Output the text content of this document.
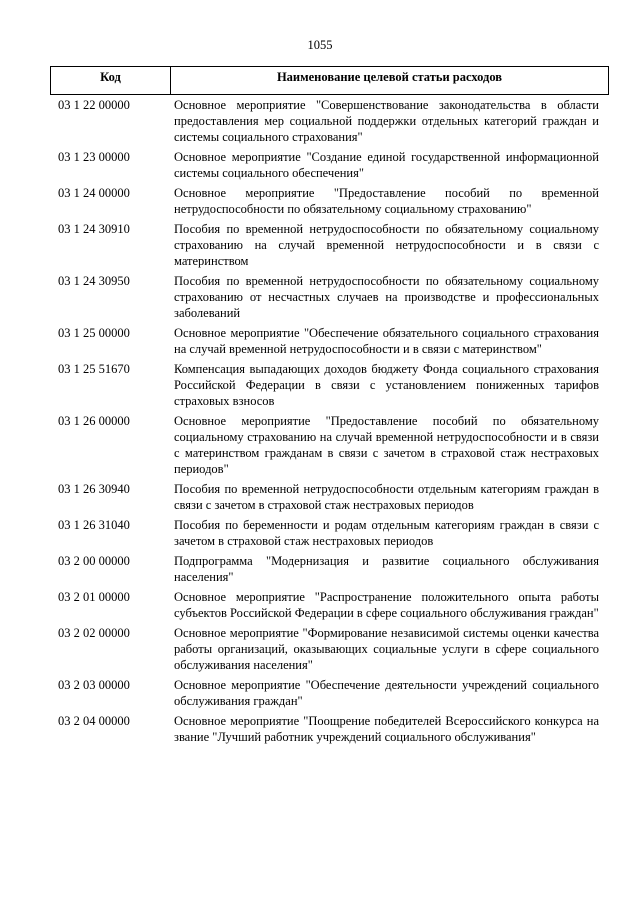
1055
Код	Наименование целевой статьи расходов
03 1 22 00000	Основное мероприятие "Совершенствование законодательства в области предоставления мер социальной поддержки отдельных категорий граждан и системы социального страхования"
03 1 23 00000	Основное мероприятие "Создание единой государственной информационной системы социального обеспечения"
03 1 24 00000	Основное мероприятие "Предоставление пособий по временной нетрудоспособности по обязательному социальному страхованию"
03 1 24 30910	Пособия по временной нетрудоспособности по обязательному социальному страхованию на случай временной нетрудоспособности и в связи с материнством
03 1 24 30950	Пособия по временной нетрудоспособности по обязательному социальному страхованию от несчастных случаев на производстве и профессиональных заболеваний
03 1 25 00000	Основное мероприятие "Обеспечение обязательного социального страхования на случай временной нетрудоспособности и в связи с материнством"
03 1 25 51670	Компенсация выпадающих доходов бюджету Фонда социального страхования Российской Федерации в связи с установлением пониженных тарифов страховых взносов
03 1 26 00000	Основное мероприятие "Предоставление пособий по обязательному социальному страхованию на случай временной нетрудоспособности и в связи с материнством гражданам в связи с зачетом в страховой стаж нестраховых периодов"
03 1 26 30940	Пособия по временной нетрудоспособности отдельным категориям граждан в связи с зачетом в страховой стаж нестраховых периодов
03 1 26 31040	Пособия по беременности и родам отдельным категориям граждан в связи с зачетом в страховой стаж нестраховых периодов
03 2 00 00000	Подпрограмма "Модернизация и развитие социального обслуживания населения"
03 2 01 00000	Основное мероприятие "Распространение положительного опыта работы субъектов Российской Федерации в сфере социального обслуживания граждан"
03 2 02 00000	Основное мероприятие "Формирование независимой системы оценки качества работы организаций, оказывающих социальные услуги в сфере социального обслуживания населения"
03 2 03 00000	Основное мероприятие "Обеспечение деятельности учреждений социального обслуживания граждан"
03 2 04 00000	Основное мероприятие "Поощрение победителей Всероссийского конкурса на звание "Лучший работник учреждений социального обслуживания"
